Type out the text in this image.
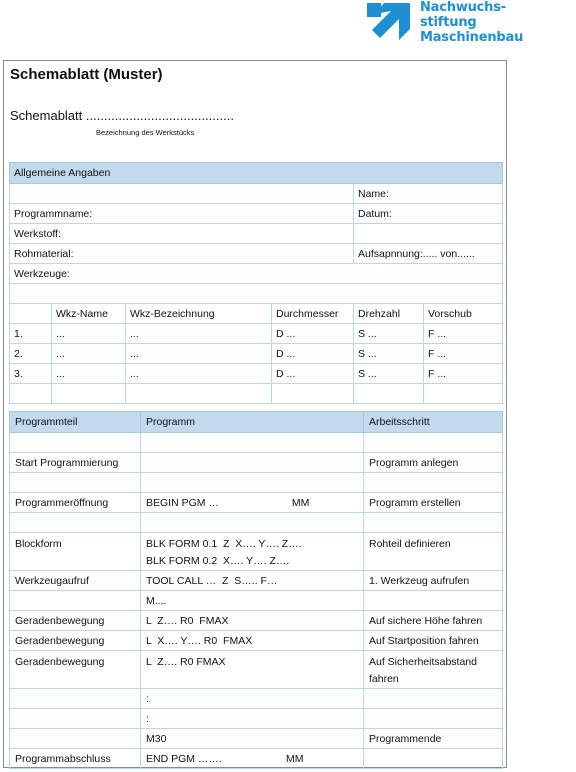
Nachwuchs-
stiftung
Maschinenbau
Schemablatt (Muster)
Schemablatt .........................................
Bezeichnung des Werkstücks
Allgemeine Angaben					
				Name:	
Programmname:				Datum:	
Werkstoff:					
Rohmaterial:				Aufsapnnung:..... von......	
Werkzeuge:					

	Wkz-Name	Wkz-Bezeichnung	Durchmesser	Drehzahl	Vorschub
1.	...	...	D ...	S ...	F ...
2.	...	...	D ...	S ...	F ...
3.	...	...	D ...	S ...	F ...

Programmteil	Programm	Arbeitsschritt

Start Programmierung		Programm anlegen

Programmeröffnung	BEGIN PGM …                         MM	Programm erstellen

Blockform	BLK FORM 0.1  Z  X…. Y…. Z….
BLK FORM 0.2  X…. Y…. Z….	Rohteil definieren
Werkzeugaufruf	TOOL CALL …  Z  S….. F…	1. Werkzeug aufrufen
	M....	
Geradenbewegung	L  Z…. R0  FMAX	Auf sichere Höhe fahren
Geradenbewegung	L  X…. Y…. R0  FMAX	Auf Startposition fahren
Geradenbewegung	L  Z…. R0 FMAX	Auf Sicherheitsabstand fahren
	:	
	:	
	M30	Programmende
Programmabschluss	END PGM …….                      MM	
